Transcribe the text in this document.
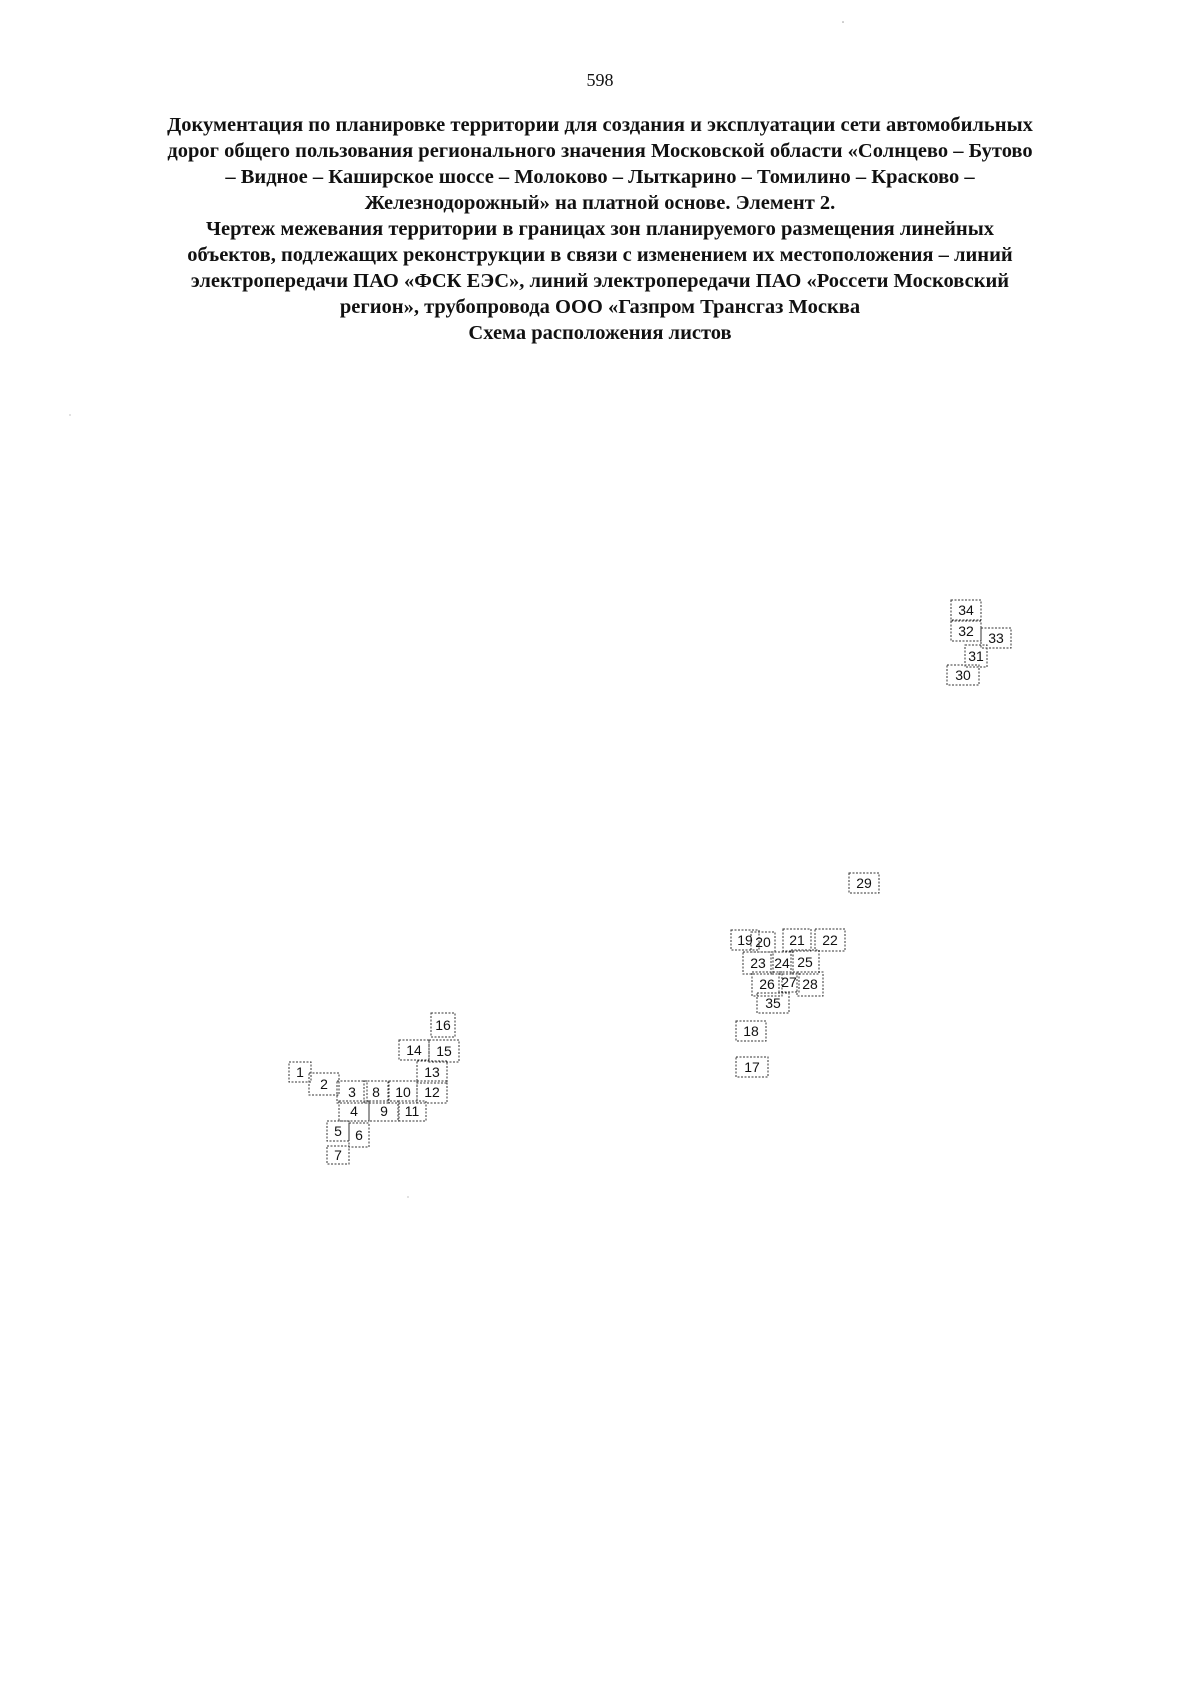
598
Документация по планировке территории для создания и эксплуатации сети автомобильных
дорог общего пользования регионального значения Московской области «Солнцево – Бутово
– Видное – Каширское шоссе – Молоково – Лыткарино – Томилино – Красково –
Железнодорожный» на платной основе. Элемент 2.
Чертеж межевания территории в границах зон планируемого размещения линейных
объектов, подлежащих реконструкции в связи с изменением их местоположения – линий
электропередачи ПАО «ФСК ЕЭС», линий электропередачи ПАО «Россети Московский
регион», трубопровода ООО «Газпром Трансгаз Москва
Схема расположения листов
1
2 3
4
5 6
7
8
9
10
11
12
13
14 15
16
17
18
19 20 21 22
23 24 25
26 27 28
29
30
31
32 33
34
35
